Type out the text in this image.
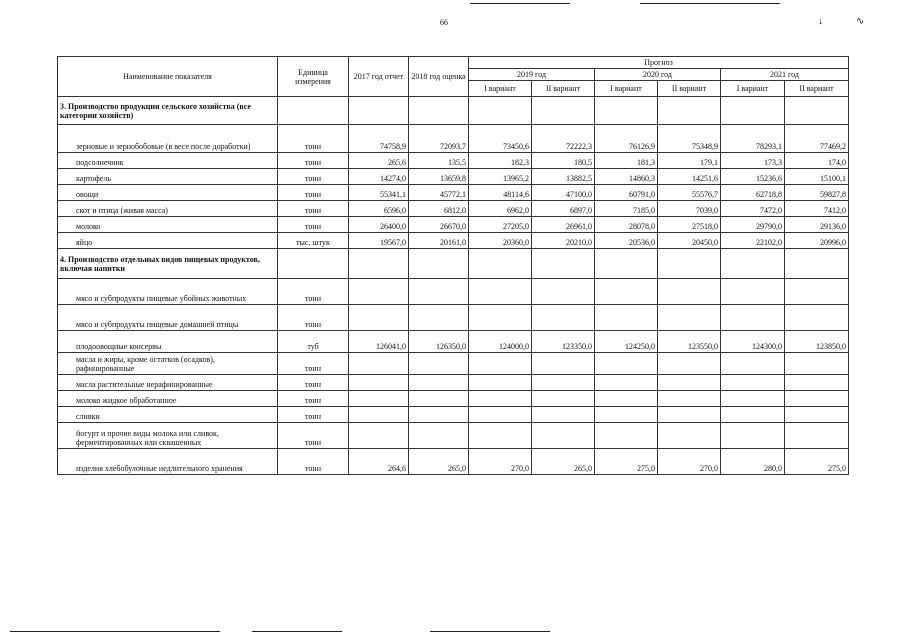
66	↓	∿
Наименование показателя	Единица измерения	2017 год отчет	2018 год оценка	Прогноз					
				2019 год		2020 год		2021 год	
				I вариант	II вариант	I вариант	II вариант	I вариант	II вариант
3. Производство продукции сельского хозяйства (все категории хозяйств)									
зерновые и зернобобовые (в весе после доработки)	тонн	74758,9	72093,7	73450,6	72222,3	76126,9	75348,9	78293,1	77469,2
подсолнечник	тонн	265,6	135,5	182,3	180,5	181,3	179,1	173,3	174,0
картофель	тонн	14274,0	13659,8	13965,2	13882,5	14860,3	14251,6	15236,6	15100,1
овощи	тонн	55341,1	45772,1	48114,6	47100,0	60791,0	55576,7	62718,8	59827,8
скот и птица (живая масса)	тонн	6596,0	6812,0	6962,0	6897,0	7185,0	7039,0	7472,0	7412,0
молоко	тонн	26400,0	26670,0	27205,0	26961,0	28078,0	27518,0	29790,0	29136,0
яйцо	тыс. штук	19567,0	20161,0	20360,0	20210,0	20536,0	20450,0	22102,0	20996,0
4. Производство отдельных видов пищевых продуктов, включая напитки									
мясо и субпродукты пищевые убойных животных	тонн								
мясо и субпродукты пищевые домашней птицы	тонн								
плодоовощные консервы	туб	126041,0	126350,0	124000,0	123350,0	124250,0	123550,0	124300,0	123850,0
масла и жиры, кроме остатков (осадков), рафинированные	тонн								
масла растительные нерафинированные	тонн								
молоко жидкое обработанное	тонн								
сливки	тонн								
йогурт и прочие виды молока или сливок, ферментированных или сквашенных	тонн								
изделия хлебобулочные недлительного хранения	тонн	264,6	265,0	270,0	265,0	275,0	270,0	280,0	275,0
